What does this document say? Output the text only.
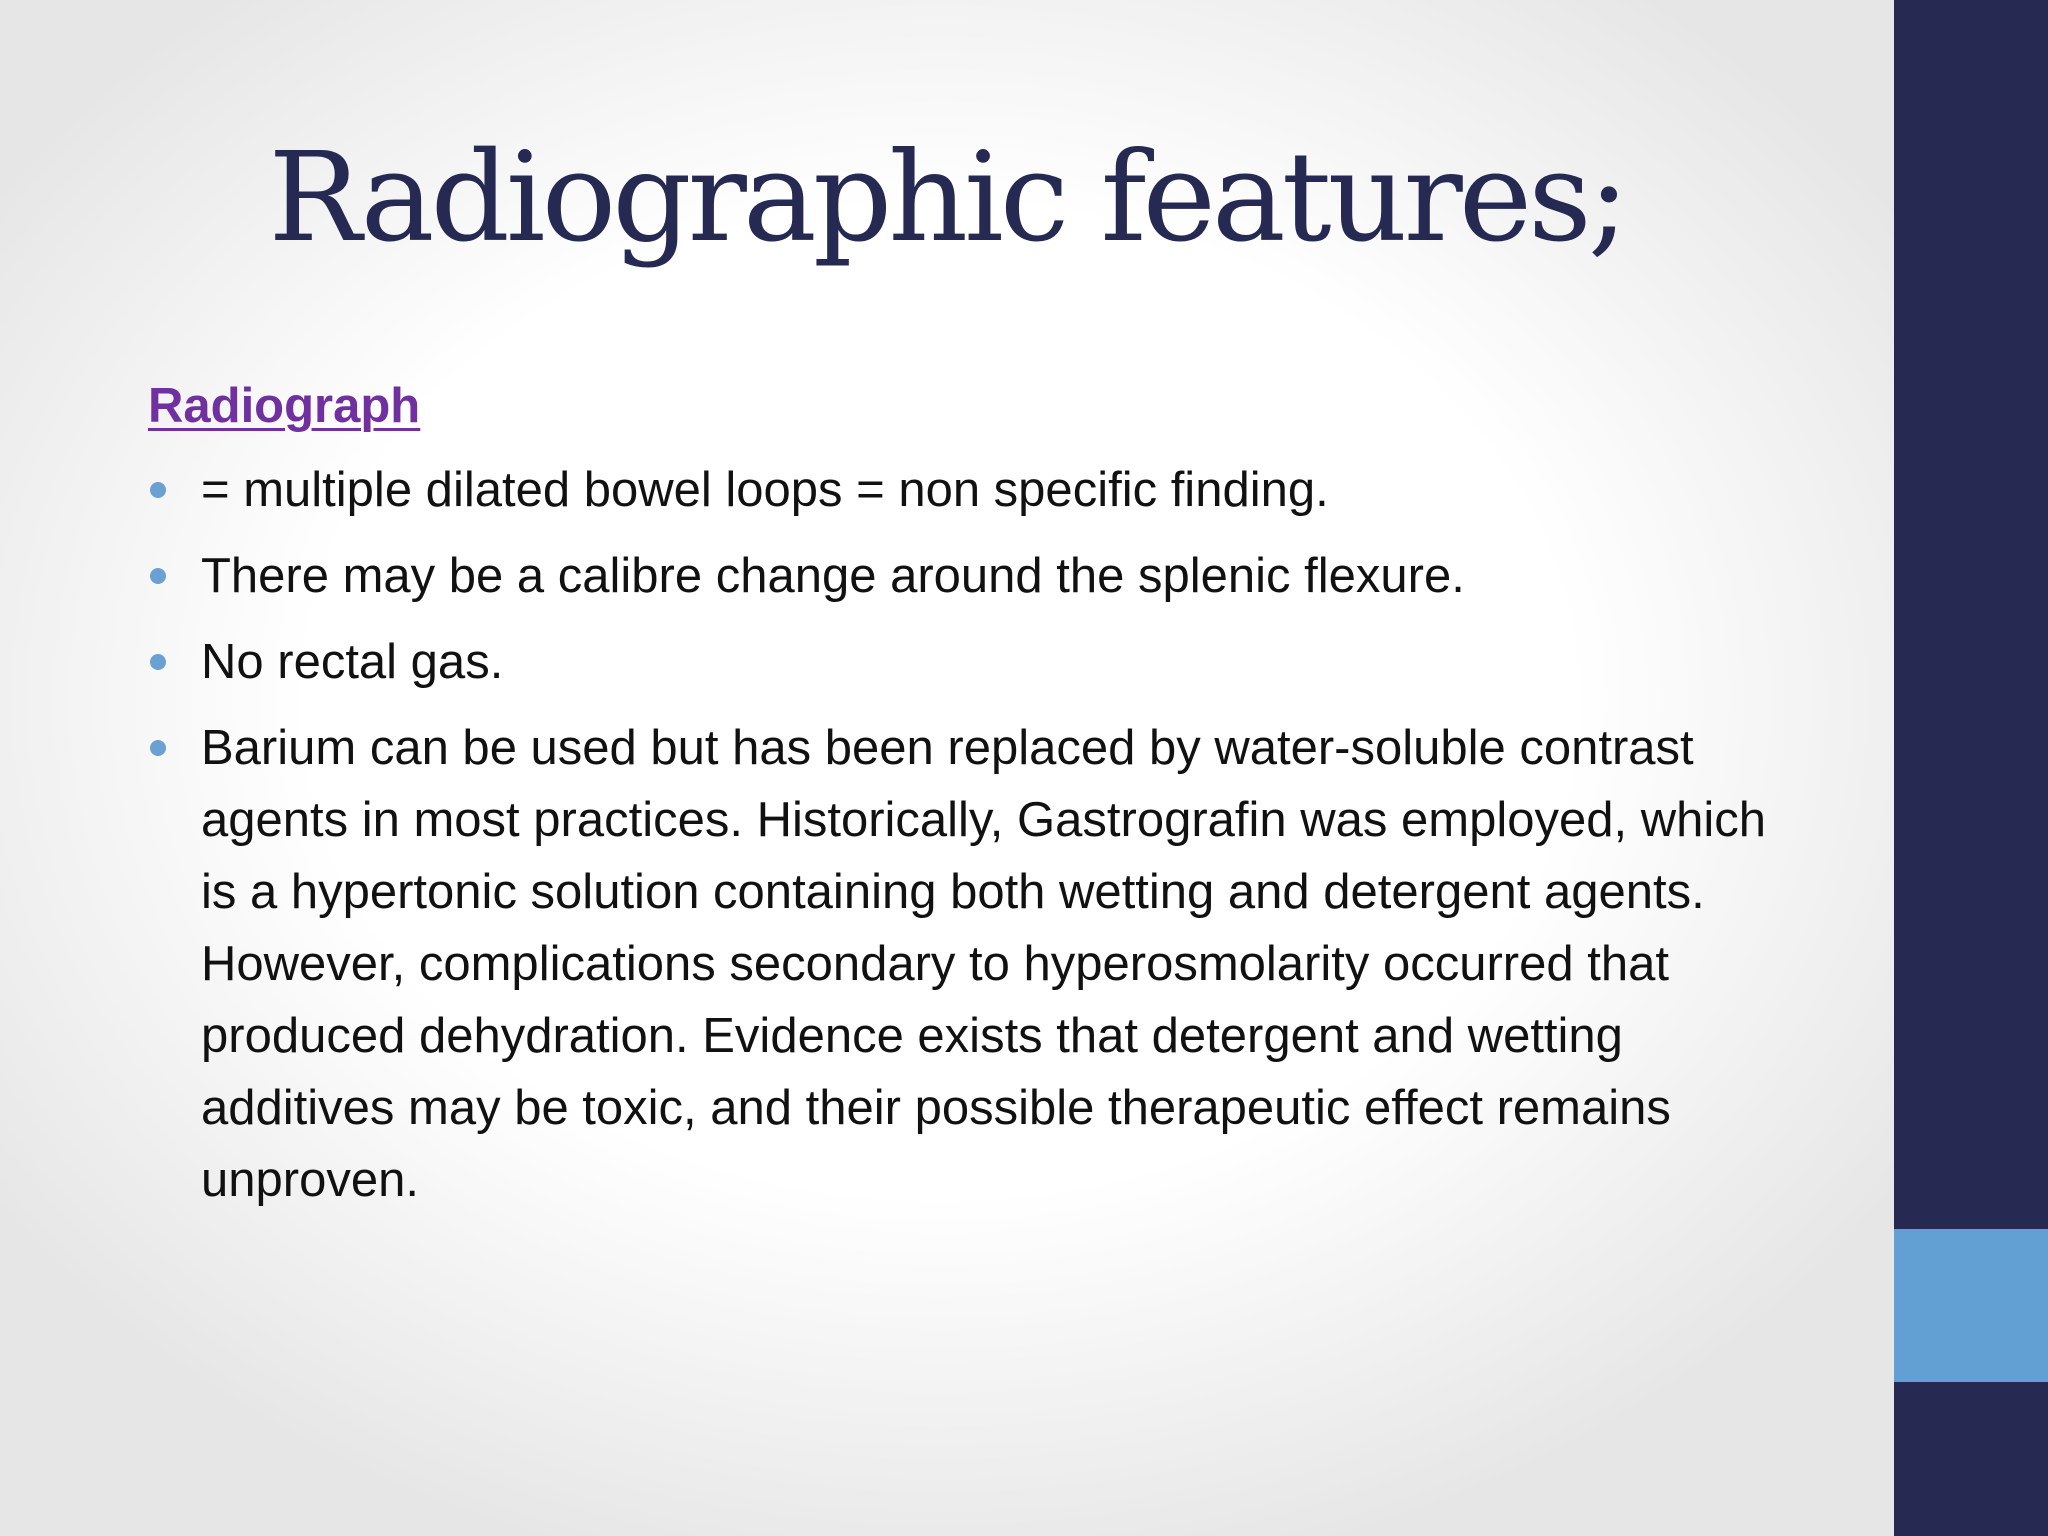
Radiographic features;
Radiograph
= multiple dilated bowel loops = non specific finding.
There may be a calibre change around the splenic flexure.
No rectal gas.
Barium can be used but has been replaced by water-soluble contrast agents in most practices. Historically, Gastrografin was employed, which is a hypertonic solution containing both wetting and detergent agents. However, complications secondary to hyperosmolarity occurred that produced dehydration. Evidence exists that detergent and wetting additives may be toxic, and their possible therapeutic effect remains unproven.
